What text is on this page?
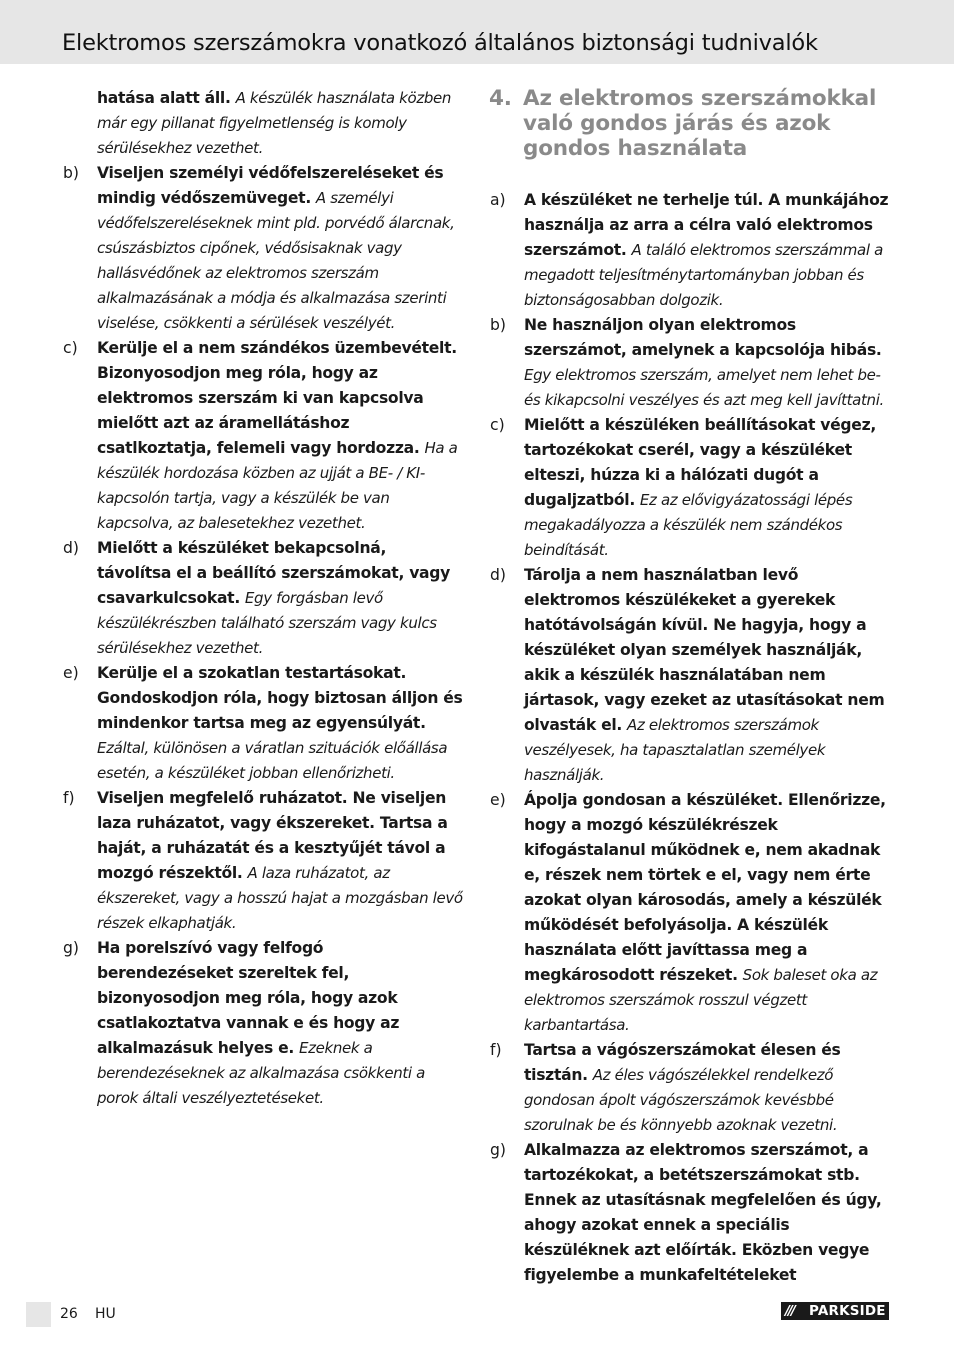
Elektromos szerszámokra vonatkozó általános biztonsági tudnivalók
hatása alatt áll. A készülék használata közben már egy pillanat figyelmetlenség is komoly sérülésekhez vezethet.
b) Viseljen személyi védőfelszereléseket és mindig védőszemüveget. A személyi védőfelszereléseknek mint pld. porvédő álarcnak, csúszásbiztos cipőnek, védősisaknak vagy hallásvédőnek az elektromos szerszám alkalmazásának a módja és alkalmazása szerinti viselése, csökkenti a sérülések veszélyét.
c) Kerülje el a nem szándékos üzembevételt. Bizonyosodjon meg róla, hogy az elektromos szerszám ki van kapcsolva mielőtt azt az áramellátáshoz csatlkoztatja, felemeli vagy hordozza. Ha a készülék hordozása közben az ujját a BE- / KI-kapcsolón tartja, vagy a készülék be van kapcsolva, az balesetekhez vezethet.
d) Mielőtt a készüléket bekapcsolná, távolítsa el a beállító szerszámokat, vagy csavarkulcsokat. Egy forgásban levő készülékrészben található szerszám vagy kulcs sérülésekhez vezethet.
e) Kerülje el a szokatlan testartásokat. Gondoskodjon róla, hogy biztosan álljon és mindenkor tartsa meg az egyensúlyát. Ezáltal, különösen a váratlan szituációk előállása esetén, a készüléket jobban ellenőrizheti.
f) Viseljen megfelelő ruházatot. Ne viseljen laza ruházatot, vagy ékszereket. Tartsa a haját, a ruházatát és a kesztyűjét távol a mozgó részektől. A laza ruházatot, az ékszereket, vagy a hosszú hajat a mozgásban levő részek elkaphatják.
g) Ha porelszívó vagy felfogó berendezéseket szereltek fel, bizonyosodjon meg róla, hogy azok csatlakoztatva vannak e és hogy az alkalmazásuk helyes e. Ezeknek a berendezéseknek az alkalmazása csökkenti a porok általi veszélyeztetéseket.
4. Az elektromos szerszámokkal való gondos járás és azok gondos használata
a) A készüléket ne terhelje túl. A munkájához használja az arra a célra való elektromos szerszámot. A találó elektromos szerszámmal a megadott teljesítménytartományban jobban és biztonságosabban dolgozik.
b) Ne használjon olyan elektromos szerszámot, amelynek a kapcsolója hibás. Egy elektromos szerszám, amelyet nem lehet be- és kikapcsolni veszélyes és azt meg kell javíttatni.
c) Mielőtt a készüléken beállításokat végez, tartozékokat cserél, vagy a készüléket elteszi, húzza ki a hálózati dugót a dugaljzatból. Ez az elővigyázatossági lépés megakadályozza a készülék nem szándékos beindítását.
d) Tárolja a nem használatban levő elektromos készülékeket a gyerekek hatótávolságán kívül. Ne hagyja, hogy a készüléket olyan személyek használják, akik a készülék használatában nem jártasok, vagy ezeket az utasításokat nem olvasták el. Az elektromos szerszámok veszélyesek, ha tapasztalatlan személyek használják.
e) Ápolja gondosan a készüléket. Ellenőrizze, hogy a mozgó készülékrészek kifogástalanul működnek e, nem akadnak e, részek nem törtek e el, vagy nem érte azokat olyan károsodás, amely a készülék működését befolyásolja. A készülék használata előtt javíttassa meg a megkárosodott részeket. Sok baleset oka az elektromos szerszámok rosszul végzett karbantartása.
f) Tartsa a vágószerszámokat élesen és tisztán. Az éles vágószélekkel rendelkező gondosan ápolt vágószerszámok kevésbbé szorulnak be és könnyebb azoknak vezetni.
g) Alkalmazza az elektromos szerszámot, a tartozékokat, a betétszerszámokat stb. Ennek az utasításnak megfelelően és úgy, ahogy azokat ennek a speciális készüléknek azt előírták. Eközben vegye figyelembe a munkafeltételeket
26 HU	/// PARKSIDE
